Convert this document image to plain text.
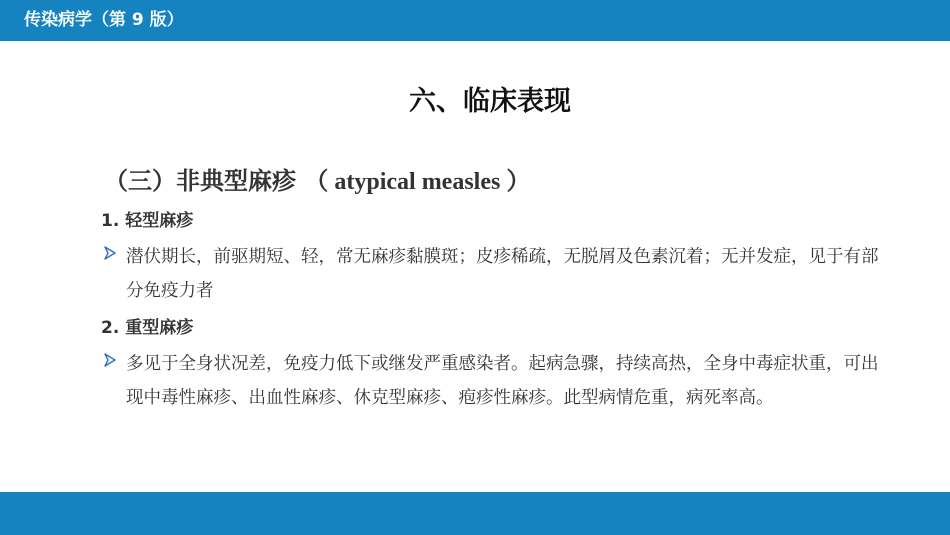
传染病学（第 9 版）
六、临床表现
（三）非典型麻疹 （ atypical measles ）
1. 轻型麻疹
潜伏期长，前驱期短、轻，常无麻疹黏膜斑；皮疹稀疏，无脱屑及色素沉着；无并发症，见于有部分免疫力者
2. 重型麻疹
多见于全身状况差，免疫力低下或继发严重感染者。起病急骤，持续高热，全身中毒症状重，可出现中毒性麻疹、出血性麻疹、休克型麻疹、疱疹性麻疹。此型病情危重，病死率高。
